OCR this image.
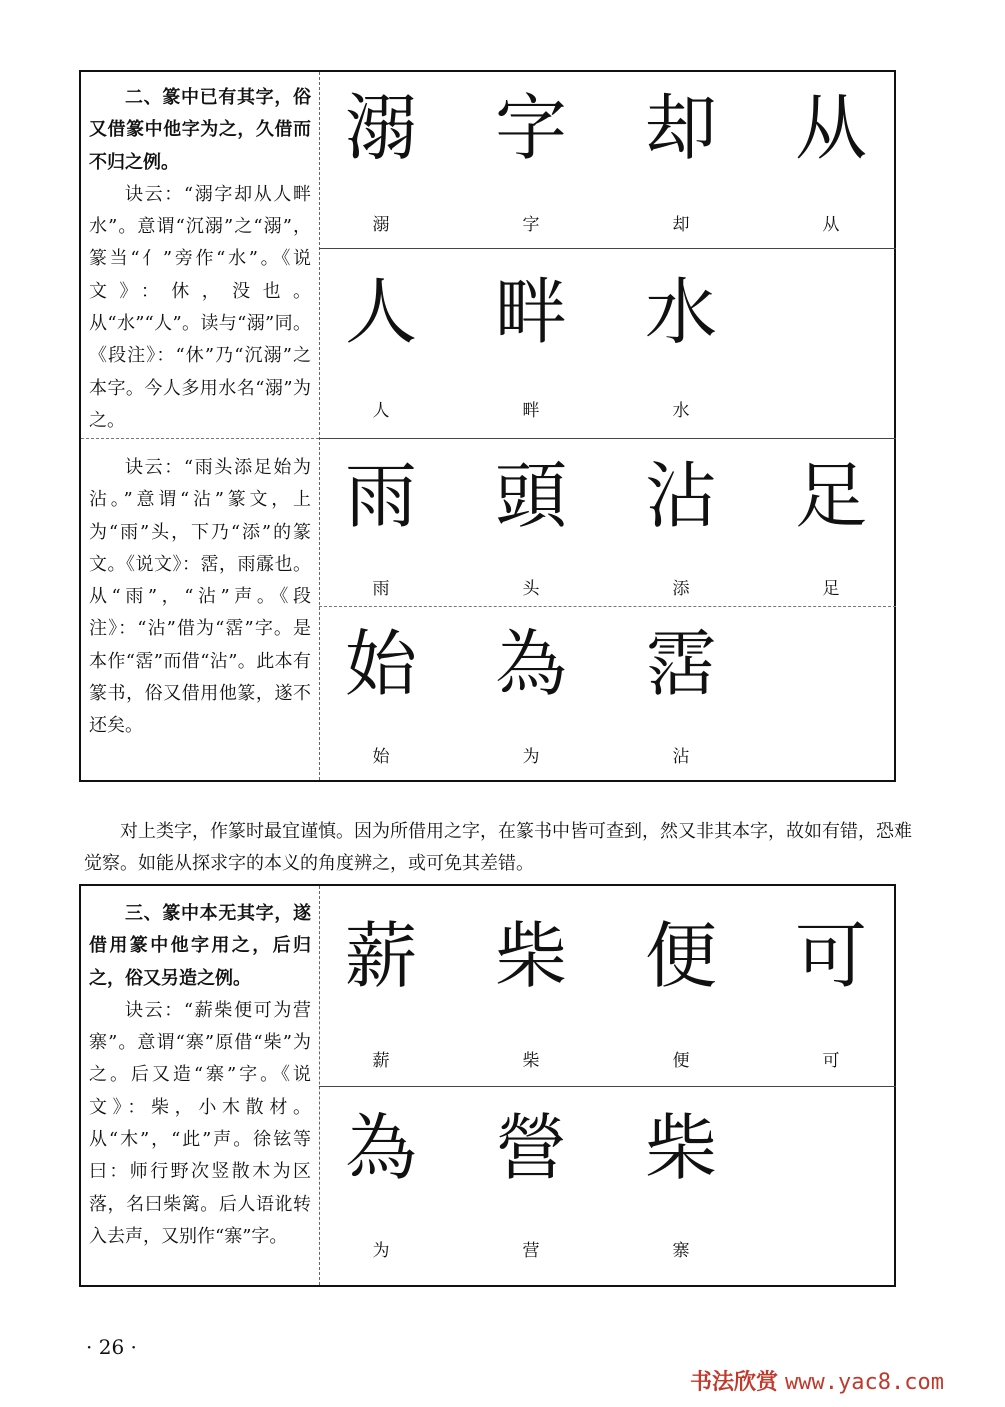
二、篆中已有其字，俗又借篆中他字为之，久借而不归之例。

诀云：“溺字却从人畔水”。意谓“沉溺”之“溺”，篆当“亻”旁作“水”。《说文》：休，没也。从“水”“人”。读与“溺”同。《段注》：“休”乃“沉溺”之本字。今人多用水名“溺”为之。

诀云：“雨头添足始为沾。”意谓“沾”篆文，上为“雨”头，下乃“添”的篆文。《说文》：霑，雨霡也。从“雨”，“沾”声。《段注》：“沾”借为“霑”字。是本作“霑”而借“沾”。此本有篆书，俗又借用他篆，遂不还矣。

溺
溺
字
字
却
却
从
从
人
人
畔
畔
水
水
雨
雨
頭
头
沾
添
足
足
始
始
為
为
霑
沾

对上类字，作篆时最宜谨慎。因为所借用之字，在篆书中皆可查到，然又非其本字，故如有错，恐难觉察。如能从探求字的本义的角度辨之，或可免其差错。

三、篆中本无其字，遂借用篆中他字用之，后归之，俗又另造之例。

诀云：“薪柴便可为营寨”。意谓“寨”原借“柴”为之。后又造“寨”字。《说文》：柴，小木散材。从“木”，“此”声。徐铉等曰：师行野次竖散木为区落，名曰柴篱。后人语讹转入去声，又别作“寨”字。

薪
薪
柴
柴
便
便
可
可
為
为
營
营
柴
寨
· 26 ·
书法欣赏 www.yac8.com
